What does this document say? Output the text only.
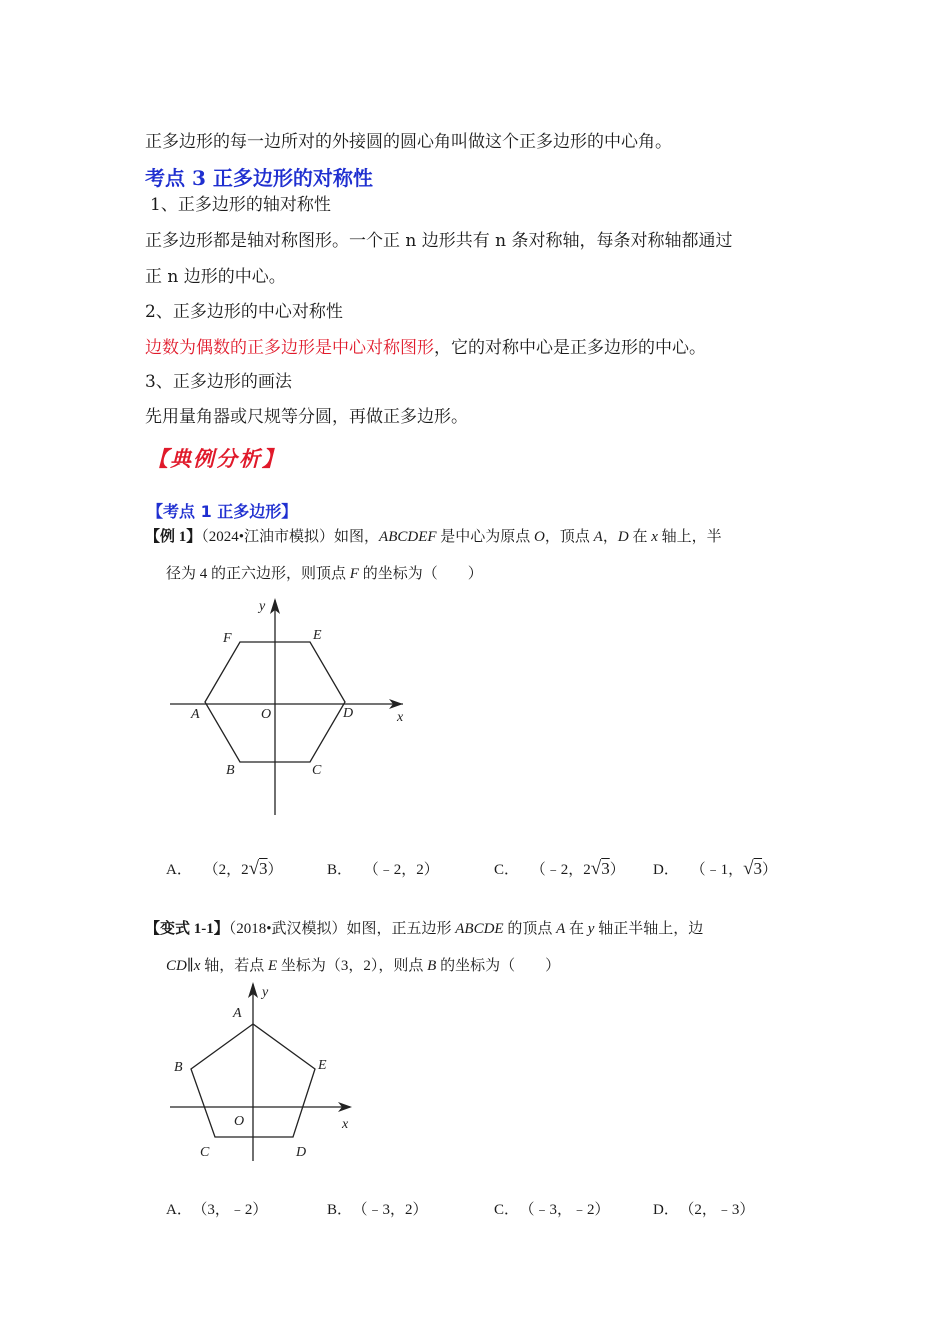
正多边形的每一边所对的外接圆的圆心角叫做这个正多边形的中心角。
考点 3 正多边形的对称性
1、正多边形的轴对称性
正多边形都是轴对称图形。一个正 n 边形共有 n 条对称轴，每条对称轴都通过
正 n 边形的中心。
2、正多边形的中心对称性
边数为偶数的正多边形是中心对称图形，它的对称中心是正多边形的中心。
3、正多边形的画法
先用量角器或尺规等分圆，再做正多边形。
【典例分析】
【考点 1 正多边形】
【例 1】（2024•江油市模拟）如图，ABCDEF 是中心为原点 O，顶点 A，D 在 x 轴上，半
径为 4 的正六边形，则顶点 F 的坐标为（　　）
y
x
F	E
A	O	D
B	C
A． （2，2√3）	B． （﹣2，2）	C． （﹣2，2√3） D． （﹣1，√3）
【变式 1-1】（2018•武汉模拟）如图，正五边形 ABCDE 的顶点 A 在 y 轴正半轴上，边
CD∥x 轴，若点 E 坐标为（3，2），则点 B 的坐标为（　　）
y
x
A
B	E
O
C	D
A． （3，﹣2）	B． （﹣3，2）	C． （﹣3，﹣2）	D． （2，﹣3）
